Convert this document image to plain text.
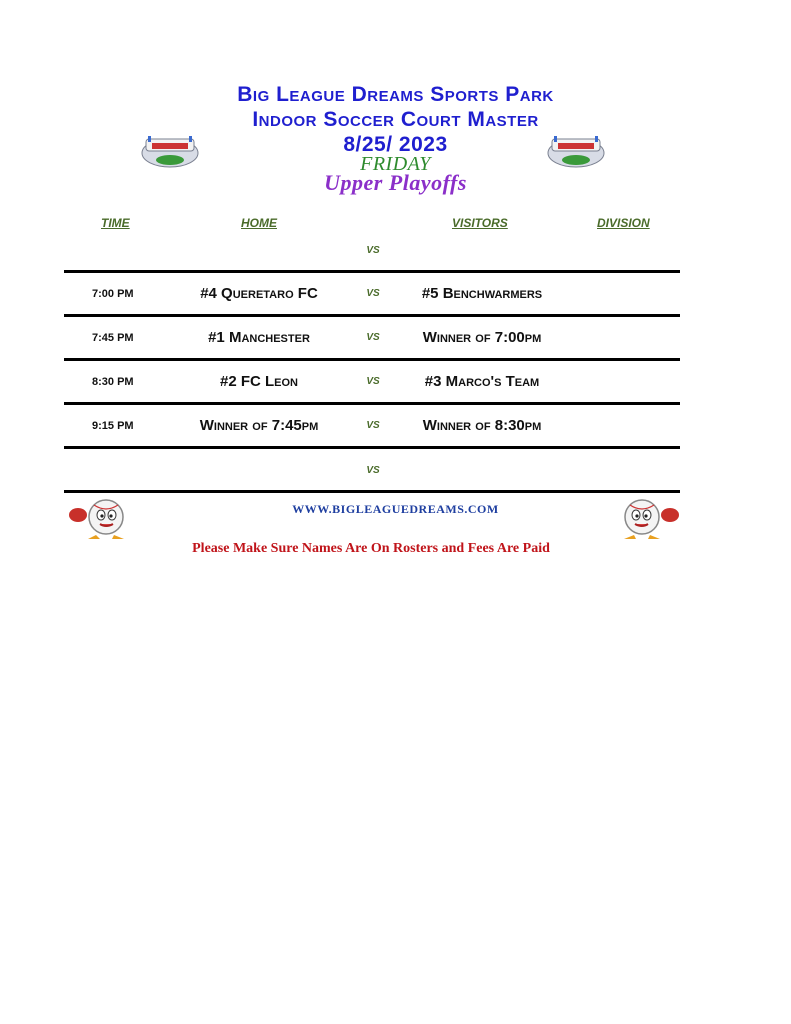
Big League Dreams Sports Park
Indoor Soccer Court Master
8/25/ 2023
FRIDAY
Upper Playoffs
TIME	HOME	VISITORS	DIVISION
VS
7:00 PM	#4 Queretaro FC	VS	#5 Benchwarmers
7:45 PM	#1 Manchester	VS	Winner of 7:00pm
8:30 PM	#2 FC Leon	VS	#3 Marco's Team
9:15 PM	Winner of 7:45pm	VS	Winner of 8:30pm
VS
WWW.BIGLEAGUEDREAMS.COM
Please Make Sure Names Are On Rosters and Fees Are Paid
